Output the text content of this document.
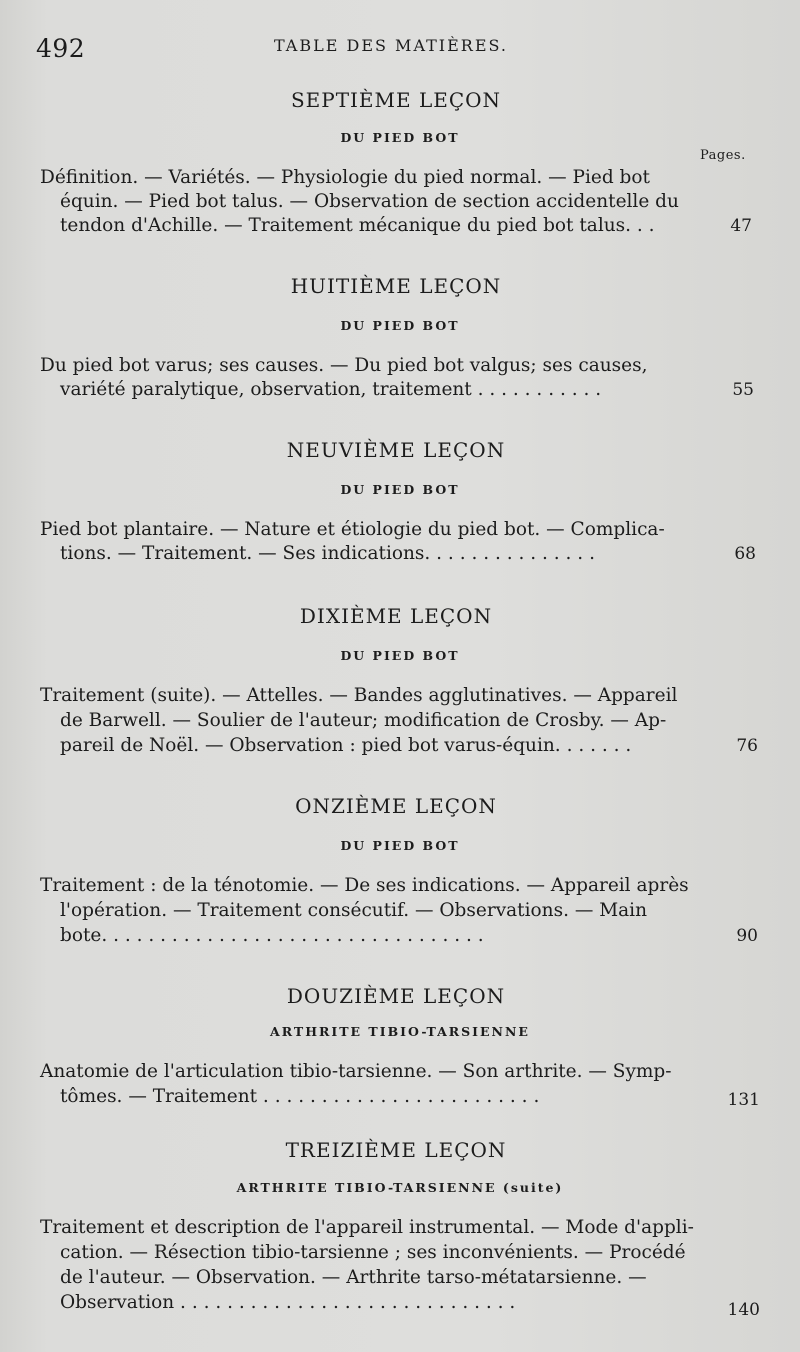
492	TABLE DES MATIÈRES.
SEPTIÈME LEÇON
DU PIED BOT
Pages.
Définition. — Variétés. — Physiologie du pied normal. — Pied bot
équin. — Pied bot talus. — Observation de section accidentelle du
tendon d'Achille. — Traitement mécanique du pied bot talus. . .	47
HUITIÈME LEÇON
DU PIED BOT
Du pied bot varus; ses causes. — Du pied bot valgus; ses causes,
variété paralytique, observation, traitement . . . . . . . . . . .	55
NEUVIÈME LEÇON
DU PIED BOT
Pied bot plantaire. — Nature et étiologie du pied bot. — Complica-
tions. — Traitement. — Ses indications. . . . . . . . . . . . . . .	68
DIXIÈME LEÇON
DU PIED BOT
Traitement (suite). — Attelles. — Bandes agglutinatives. — Appareil
de Barwell. — Soulier de l'auteur; modification de Crosby. — Ap-
pareil de Noël. — Observation : pied bot varus-équin. . . . . . .	76
ONZIÈME LEÇON
DU PIED BOT
Traitement : de la ténotomie. — De ses indications. — Appareil après
l'opération. — Traitement consécutif. — Observations. — Main
bote. . . . . . . . . . . . . . . . . . . . . . . . . . . . . . . . .	90
DOUZIÈME LEÇON
ARTHRITE TIBIO-TARSIENNE
Anatomie de l'articulation tibio-tarsienne. — Son arthrite. — Symp-
tômes. — Traitement . . . . . . . . . . . . . . . . . . . . . . . .	131
TREIZIÈME LEÇON
ARTHRITE TIBIO-TARSIENNE (suite)
Traitement et description de l'appareil instrumental. — Mode d'appli-
cation. — Résection tibio-tarsienne ; ses inconvénients. — Procédé
de l'auteur. — Observation. — Arthrite tarso-métatarsienne. —
Observation . . . . . . . . . . . . . . . . . . . . . . . . . . . . .	140
